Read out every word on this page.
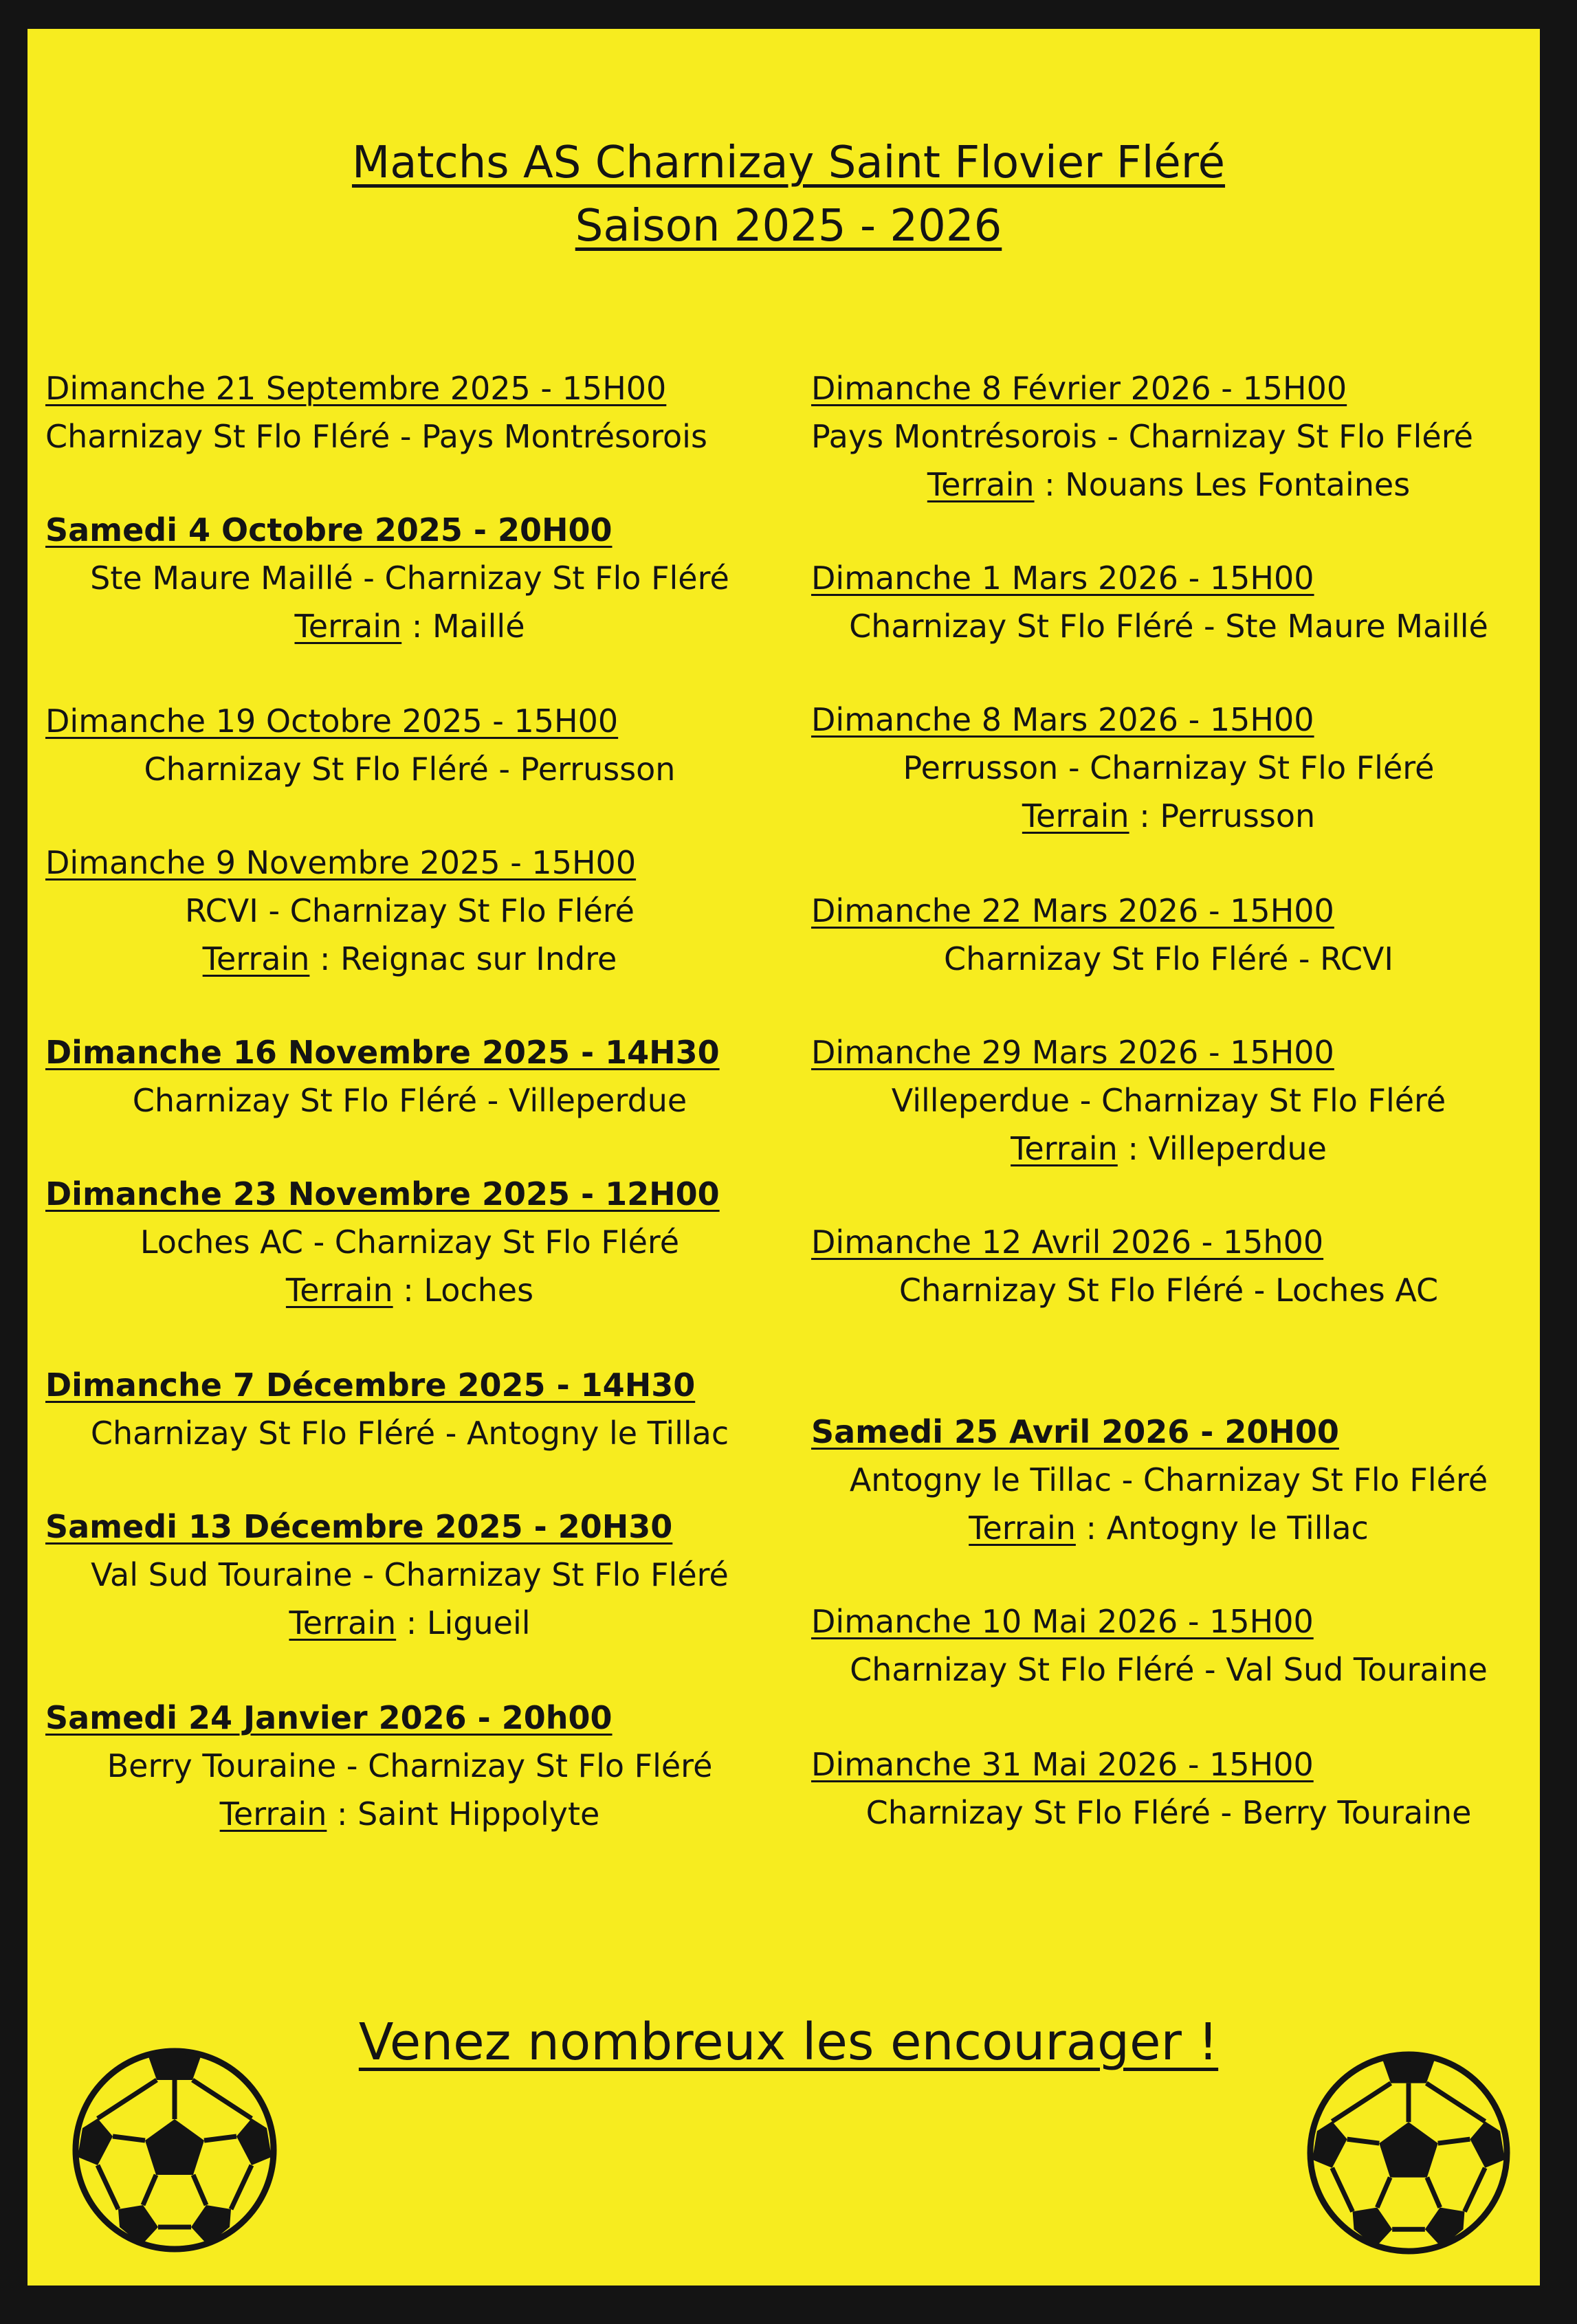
Matchs AS Charnizay Saint Flovier Fléré
Saison 2025 - 2026
Dimanche 21 Septembre 2025 - 15H00
Charnizay St Flo Fléré - Pays Montrésorois
Samedi 4 Octobre 2025 - 20H00
Ste Maure Maillé - Charnizay St Flo Fléré
Terrain : Maillé
Dimanche 19 Octobre 2025 - 15H00
Charnizay St Flo Fléré - Perrusson
Dimanche 9 Novembre 2025 - 15H00
RCVI - Charnizay St Flo Fléré
Terrain : Reignac sur Indre
Dimanche 16 Novembre 2025 - 14H30
Charnizay St Flo Fléré - Villeperdue
Dimanche 23 Novembre 2025 - 12H00
Loches AC - Charnizay St Flo Fléré
Terrain : Loches
Dimanche 7 Décembre 2025 - 14H30
Charnizay St Flo Fléré - Antogny le Tillac
Samedi 13 Décembre 2025 - 20H30
Val Sud Touraine - Charnizay St Flo Fléré
Terrain : Ligueil
Samedi 24 Janvier 2026 - 20h00
Berry Touraine - Charnizay St Flo Fléré
Terrain : Saint Hippolyte
Dimanche 8 Février 2026 - 15H00
Pays Montrésorois - Charnizay St Flo Fléré
Terrain : Nouans Les Fontaines
Dimanche 1 Mars 2026 - 15H00
Charnizay St Flo Fléré - Ste Maure Maillé
Dimanche 8 Mars 2026 - 15H00
Perrusson - Charnizay St Flo Fléré
Terrain : Perrusson
Dimanche 22 Mars 2026 - 15H00
Charnizay St Flo Fléré - RCVI
Dimanche 29 Mars 2026 - 15H00
Villeperdue - Charnizay St Flo Fléré
Terrain : Villeperdue
Dimanche 12 Avril 2026 - 15h00
Charnizay St Flo Fléré - Loches AC
Samedi 25 Avril 2026 - 20H00
Antogny le Tillac - Charnizay St Flo Fléré
Terrain : Antogny le Tillac
Dimanche 10 Mai 2026 - 15H00
Charnizay St Flo Fléré - Val Sud Touraine
Dimanche 31 Mai 2026 - 15H00
Charnizay St Flo Fléré - Berry Touraine
Venez nombreux les encourager !
